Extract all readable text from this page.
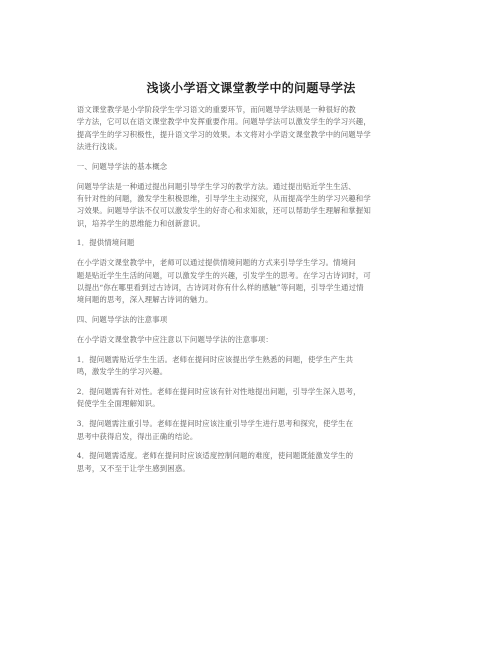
浅谈小学语文课堂教学中的问题导学法
语文课堂教学是小学阶段学生学习语文的重要环节，而问题导学法则是一种很好的教
学方法，它可以在语文课堂教学中发挥重要作用。问题导学法可以激发学生的学习兴趣，
提高学生的学习积极性，提升语文学习的效果。本文将对小学语文课堂教学中的问题导学
法进行浅谈。
一、问题导学法的基本概念
问题导学法是一种通过提出问题引导学生学习的教学方法。通过提出贴近学生生活、
有针对性的问题，激发学生积极思维，引导学生主动探究，从而提高学生的学习兴趣和学
习效果。问题导学法不仅可以激发学生的好奇心和求知欲，还可以帮助学生理解和掌握知
识，培养学生的思维能力和创新意识。
1．提供情境问题
在小学语文课堂教学中，老师可以通过提供情境问题的方式来引导学生学习。情境问
题是贴近学生生活的问题，可以激发学生的兴趣，引发学生的思考。在学习古诗词时，可
以提出“你在哪里看到过古诗词，古诗词对你有什么样的感触”等问题，引导学生通过情
境问题的思考，深入理解古诗词的魅力。
四、问题导学法的注意事项
在小学语文课堂教学中应注意以下问题导学法的注意事项：
1．提问题需贴近学生生活。老师在提问时应该提出学生熟悉的问题，使学生产生共
鸣，激发学生的学习兴趣。
2．提问题需有针对性。老师在提问时应该有针对性地提出问题，引导学生深入思考，
促使学生全面理解知识。
3．提问题需注重引导。老师在提问时应该注重引导学生进行思考和探究，使学生在
思考中获得启发，得出正确的结论。
4．提问题需适度。老师在提问时应该适度控制问题的难度，使问题既能激发学生的
思考，又不至于让学生感到困惑。
